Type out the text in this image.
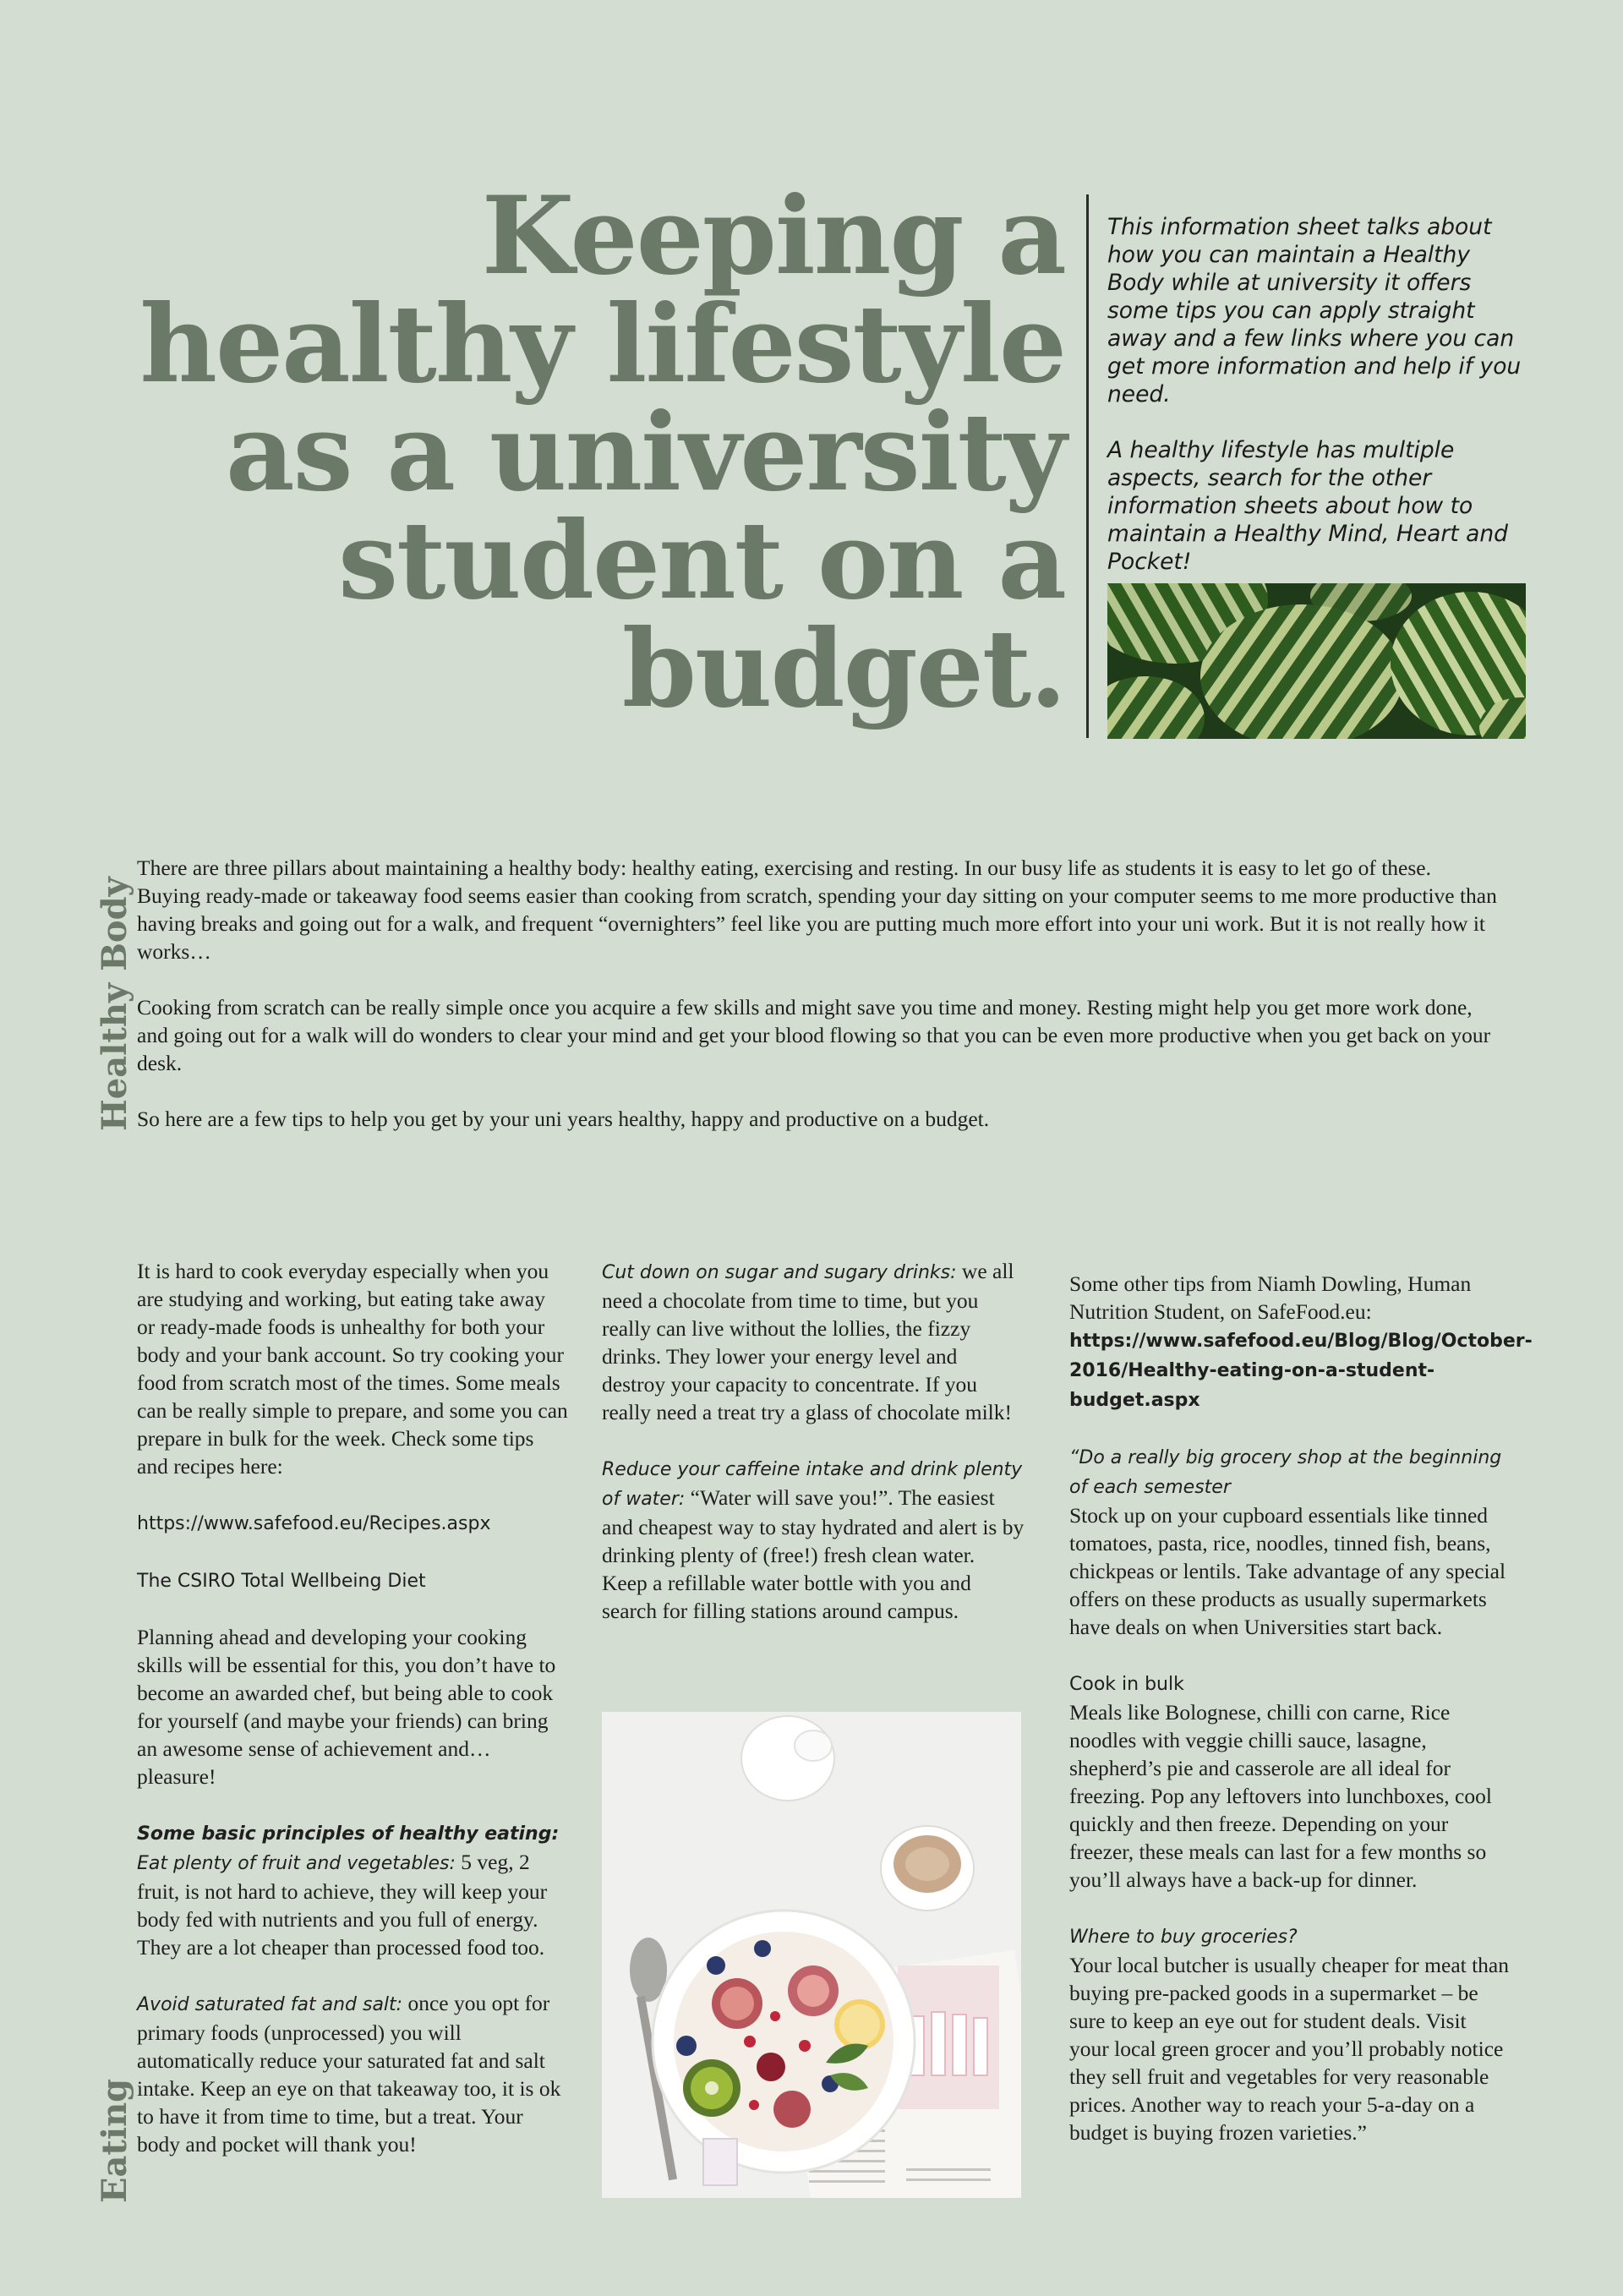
Keeping a
healthy lifestyle
as a university
student on a
budget.

This information sheet talks about how you can maintain a Healthy Body while at university it offers some tips you can apply straight away and a few links where you can get more information and help if you need.

A healthy lifestyle has multiple aspects, search for the other information sheets about how to maintain a Healthy Mind, Heart and Pocket!

Healthy Body
Eating

There are three pillars about maintaining a healthy body: healthy eating, exercising and resting. In our busy life as students it is easy to let go of these. Buying ready-made or takeaway food seems easier than cooking from scratch, spending your day sitting on your computer seems to me more productive than having breaks and going out for a walk, and frequent “overnighters” feel like you are putting much more effort into your uni work. But it is not really how it works…

Cooking from scratch can be really simple once you acquire a few skills and might save you time and money. Resting might help you get more work done, and going out for a walk will do wonders to clear your mind and get your blood flowing so that you can be even more productive when you get back on your desk.

So here are a few tips to help you get by your uni years healthy, happy and productive on a budget.

It is hard to cook everyday especially when you are studying and working, but eating take away or ready-made foods is unhealthy for both your body and your bank account. So try cooking your food from scratch most of the times. Some meals can be really simple to prepare, and some you can prepare in bulk for the week. Check some tips and recipes here:

https://www.safefood.eu/Recipes.aspx

The CSIRO Total Wellbeing Diet

Planning ahead and developing your cooking skills will be essential for this, you don’t have to become an awarded chef, but being able to cook for yourself (and maybe your friends) can bring an awesome sense of achievement and… pleasure!

Some basic principles of healthy eating:
Eat plenty of fruit and vegetables: 5 veg, 2 fruit, is not hard to achieve, they will keep your body fed with nutrients and you full of energy. They are a lot cheaper than processed food too.

Avoid saturated fat and salt: once you opt for primary foods (unprocessed) you will automatically reduce your saturated fat and salt intake. Keep an eye on that takeaway too, it is ok to have it from time to time, but a treat. Your body and pocket will thank you!

Cut down on sugar and sugary drinks: we all need a chocolate from time to time, but you really can live without the lollies, the fizzy drinks. They lower your energy level and destroy your capacity to concentrate. If you really need a treat try a glass of chocolate milk!

Reduce your caffeine intake and drink plenty of water: “Water will save you!”. The easiest and cheapest way to stay hydrated and alert is by drinking plenty of (free!) fresh clean water. Keep a refillable water bottle with you and search for filling stations around campus.

Some other tips from Niamh Dowling, Human Nutrition Student, on SafeFood.eu:
https://www.safefood.eu/Blog/Blog/October-2016/Healthy-eating-on-a-student-budget.aspx

“Do a really big grocery shop at the beginning of each semester
Stock up on your cupboard essentials like tinned tomatoes, pasta, rice, noodles, tinned fish, beans, chickpeas or lentils. Take advantage of any special offers on these products as usually supermarkets have deals on when Universities start back.

Cook in bulk
Meals like Bolognese, chilli con carne, Rice noodles with veggie chilli sauce, lasagne, shepherd’s pie and casserole are all ideal for freezing. Pop any leftovers into lunchboxes, cool quickly and then freeze. Depending on your freezer, these meals can last for a few months so you’ll always have a back-up for dinner.

Where to buy groceries?
Your local butcher is usually cheaper for meat than buying pre-packed goods in a supermarket – be sure to keep an eye out for student deals. Visit your local green grocer and you’ll probably notice they sell fruit and vegetables for very reasonable prices. Another way to reach your 5-a-day on a budget is buying frozen varieties.”
